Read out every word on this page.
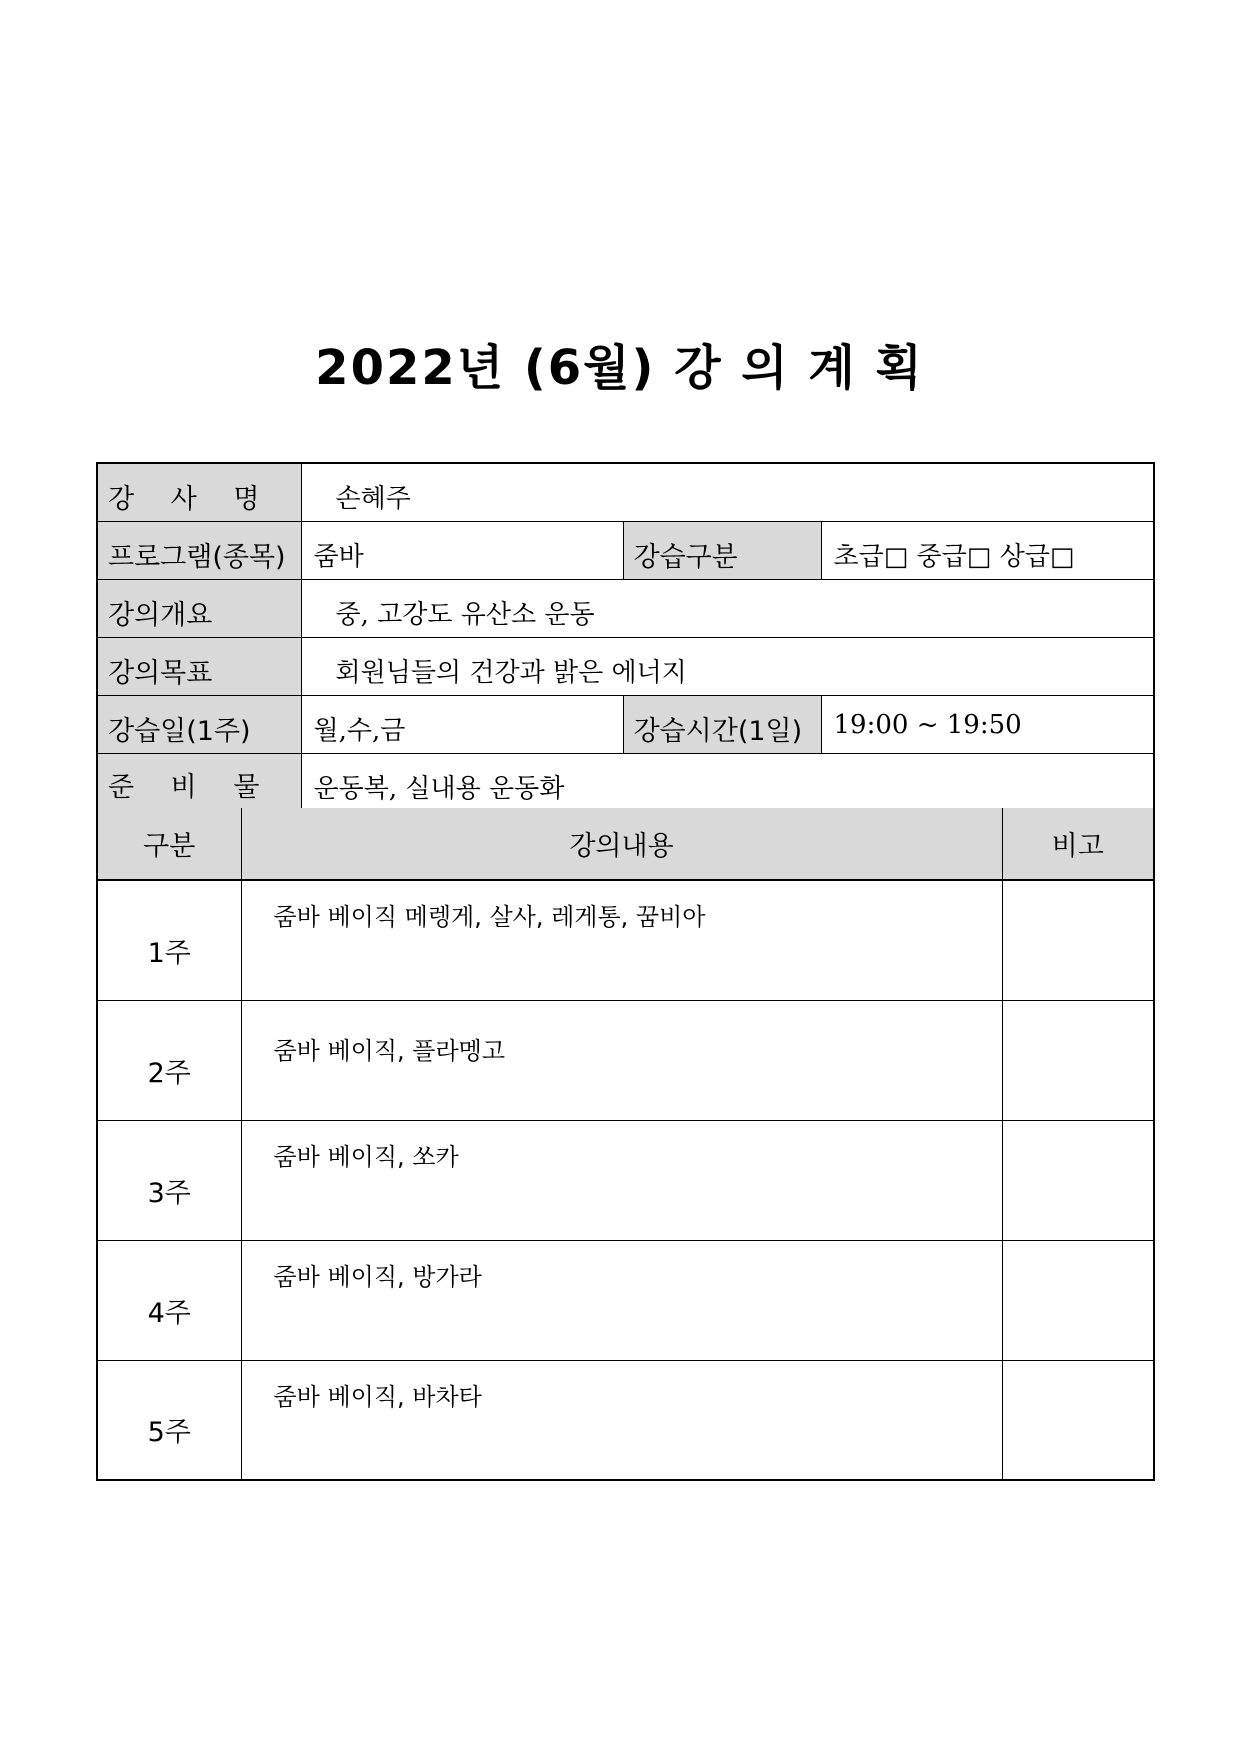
2022년 (6월) 강 의 계 획
강 사 명	손혜주		
프로그램(종목)	줌바	강습구분	초급□ 중급□ 상급□
강의개요	중, 고강도 유산소 운동		
강의목표	회원님들의 건강과 밝은 에너지		
강습일(1주)	월,수,금	강습시간(1일)	19:00 ~ 19:50
준 비 물	운동복, 실내용 운동화		
구분	강의내용	비고
1주	줌바 베이직 메렝게, 살사, 레게통, 꿈비아	
2주	줌바 베이직, 플라멩고	
3주	줌바 베이직, 쏘카	
4주	줌바 베이직, 방가라	
5주	줌바 베이직, 바차타	
